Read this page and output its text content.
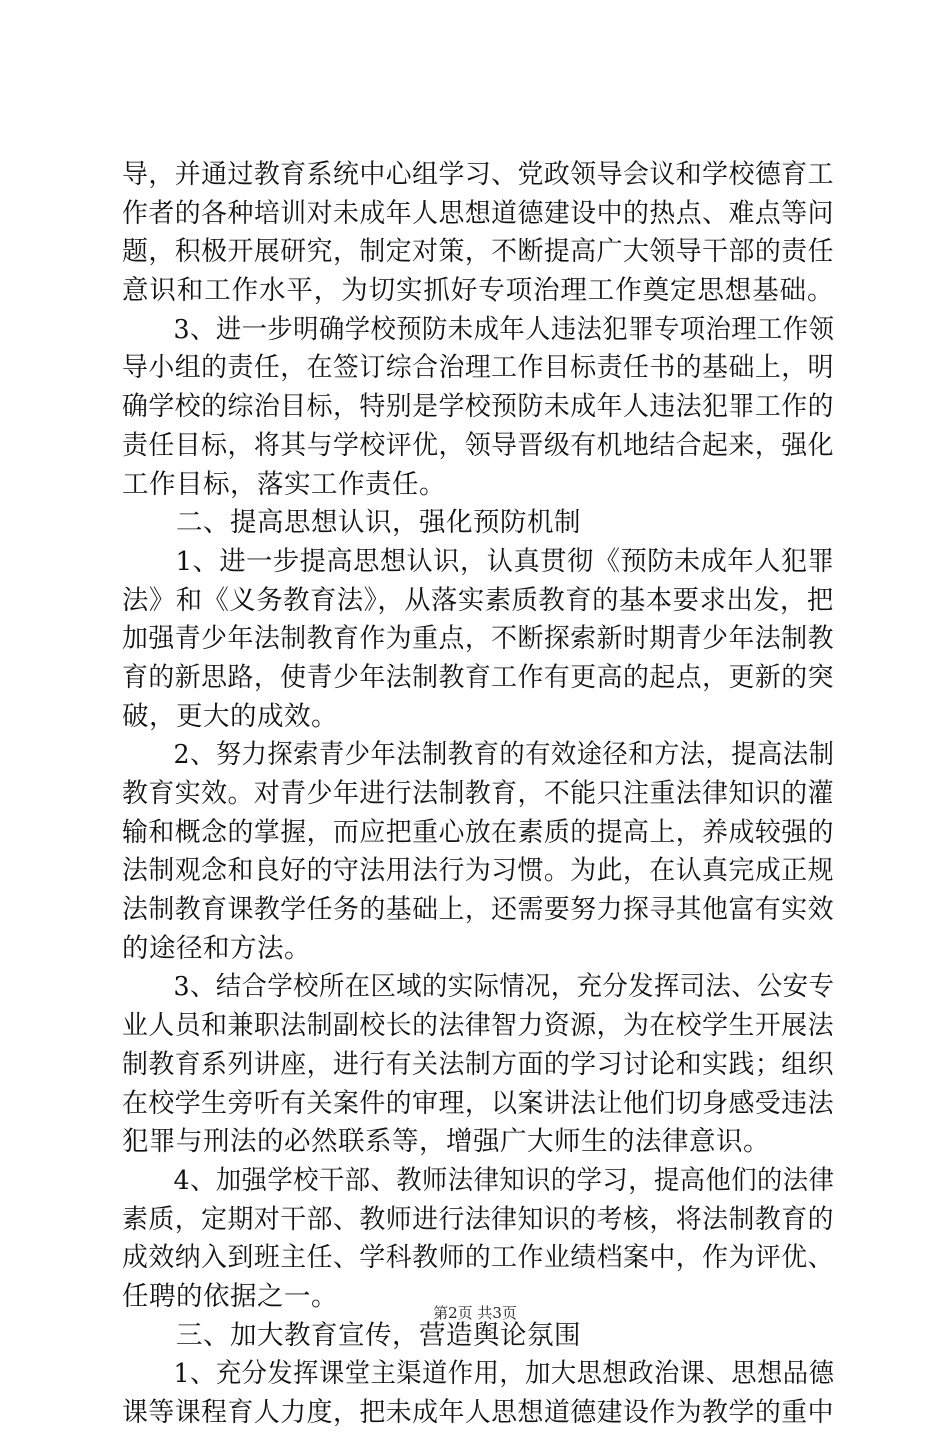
导，并通过教育系统中心组学习、党政领导会议和学校德育工
作者的各种培训对未成年人思想道德建设中的热点、难点等问
题，积极开展研究，制定对策，不断提高广大领导干部的责任
意识和工作水平，为切实抓好专项治理工作奠定思想基础。
　　3、进一步明确学校预防未成年人违法犯罪专项治理工作领
导小组的责任，在签订综合治理工作目标责任书的基础上，明
确学校的综治目标，特别是学校预防未成年人违法犯罪工作的
责任目标，将其与学校评优，领导晋级有机地结合起来，强化
工作目标，落实工作责任。
　　二、提高思想认识，强化预防机制
　　1、进一步提高思想认识，认真贯彻《预防未成年人犯罪
法》和《义务教育法》，从落实素质教育的基本要求出发，把
加强青少年法制教育作为重点，不断探索新时期青少年法制教
育的新思路，使青少年法制教育工作有更高的起点，更新的突
破，更大的成效。
　　2、努力探索青少年法制教育的有效途径和方法，提高法制
教育实效。对青少年进行法制教育，不能只注重法律知识的灌
输和概念的掌握，而应把重心放在素质的提高上，养成较强的
法制观念和良好的守法用法行为习惯。为此，在认真完成正规
法制教育课教学任务的基础上，还需要努力探寻其他富有实效
的途径和方法。
　　3、结合学校所在区域的实际情况，充分发挥司法、公安专
业人员和兼职法制副校长的法律智力资源，为在校学生开展法
制教育系列讲座，进行有关法制方面的学习讨论和实践；组织
在校学生旁听有关案件的审理，以案讲法让他们切身感受违法
犯罪与刑法的必然联系等，增强广大师生的法律意识。
　　4、加强学校干部、教师法律知识的学习，提高他们的法律
素质，定期对干部、教师进行法律知识的考核，将法制教育的
成效纳入到班主任、学科教师的工作业绩档案中，作为评优、
任聘的依据之一。
　　三、加大教育宣传，营造舆论氛围
　　1、充分发挥课堂主渠道作用，加大思想政治课、思想品德
课等课程育人力度，把未成年人思想道德建设作为教学的重中
第2页 共3页
